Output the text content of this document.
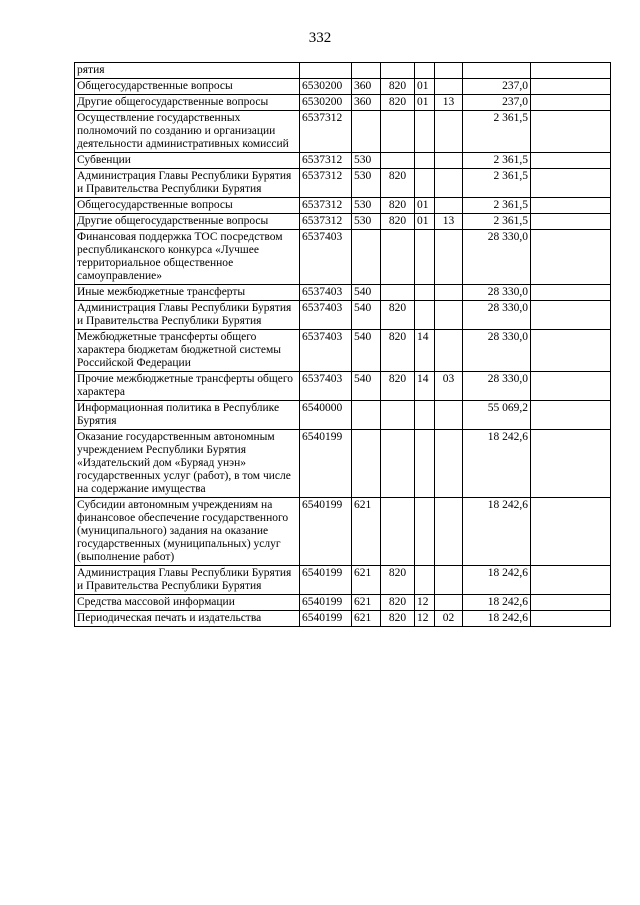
332
рятия							
Общегосударственные вопросы	6530200	360	820	01		237,0	
Другие общегосударственные вопросы	6530200	360	820	01	13	237,0	
Осуществление государственных полномочий по созданию и организации деятельности административных комиссий	6537312					2 361,5	
Субвенции	6537312	530				2 361,5	
Администрация Главы Республики Бурятия и Правительства Республики Бурятия	6537312	530	820			2 361,5	
Общегосударственные вопросы	6537312	530	820	01		2 361,5	
Другие общегосударственные вопросы	6537312	530	820	01	13	2 361,5	
Финансовая поддержка ТОС посредством республиканского конкурса «Лучшее территориальное общественное самоуправление»	6537403					28 330,0	
Иные межбюджетные трансферты	6537403	540				28 330,0	
Администрация Главы Республики Бурятия и Правительства Республики Бурятия	6537403	540	820			28 330,0	
Межбюджетные трансферты общего характера бюджетам бюджетной системы Российской Федерации	6537403	540	820	14		28 330,0	
Прочие межбюджетные трансферты общего характера	6537403	540	820	14	03	28 330,0	
Информационная политика в Республике Бурятия	6540000					55 069,2	
Оказание государственным автономным учреждением Республики Бурятия «Издательский дом «Буряад унэн» государственных услуг (работ), в том числе на содержание имущества	6540199					18 242,6	
Субсидии автономным учреждениям на финансовое обеспечение государственного (муниципального) задания на оказание государственных (муниципальных) услуг (выполнение работ)	6540199	621				18 242,6	
Администрация Главы Республики Бурятия и Правительства Республики Бурятия	6540199	621	820			18 242,6	
Средства массовой информации	6540199	621	820	12		18 242,6	
Периодическая печать и издательства	6540199	621	820	12	02	18 242,6	
